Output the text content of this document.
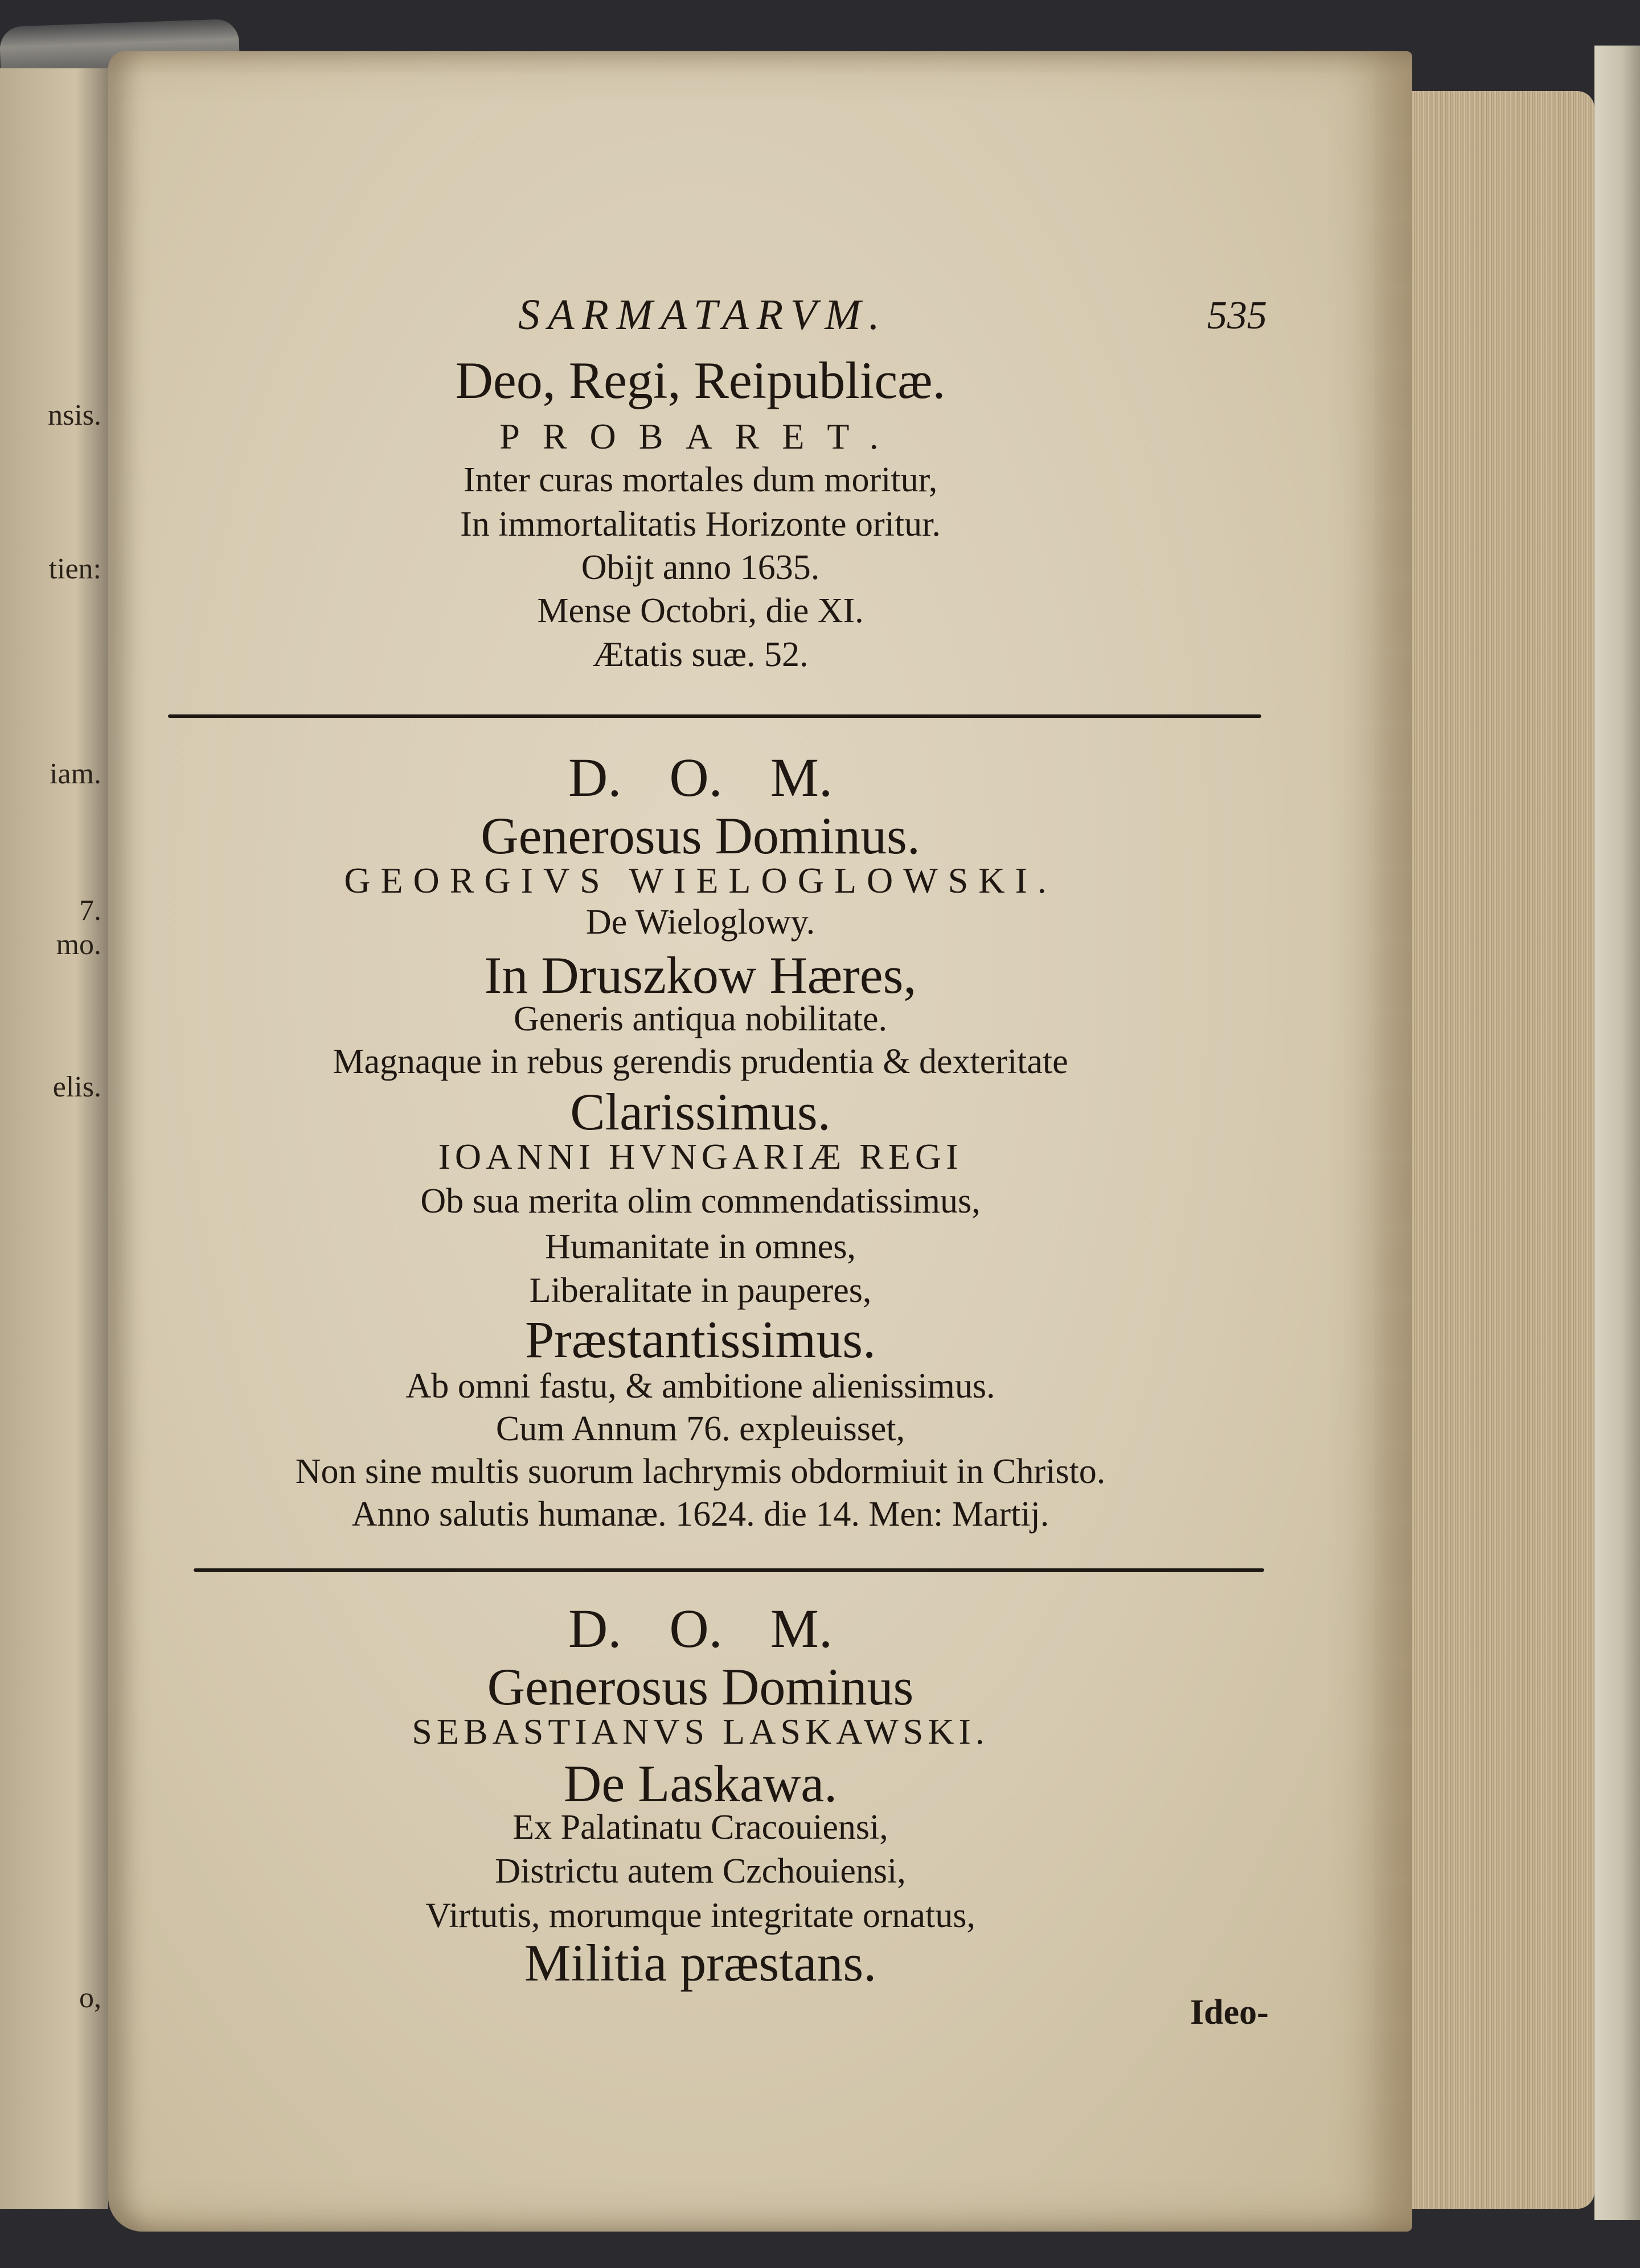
nsis.
tien:
iam.
7.
mo.
elis.
o,
SARMATARVM.	535
Deo, Regi, Reipublicæ.
PROBARET.
Inter curas mortales dum moritur,
In immortalitatis Horizonte oritur.
Obijt anno 1635.
Mense Octobri, die XI.
Ætatis suæ. 52.
D. O. M.
Generosus Dominus.
GEORGIVS WIELOGLOWSKI.
De Wieloglowy.
In Druszkow Hæres,
Generis antiqua nobilitate.
Magnaque in rebus gerendis prudentia & dexteritate
Clarissimus.
IOANNI HVNGARIÆ REGI
Ob sua merita olim commendatissimus,
Humanitate in omnes,
Liberalitate in pauperes,
Præstantissimus.
Ab omni fastu, & ambitione alienissimus.
Cum Annum 76. expleuisset,
Non sine multis suorum lachrymis obdormiuit in Christo.
Anno salutis humanæ. 1624. die 14. Men: Martij.
D. O. M.
Generosus Dominus
SEBASTIANVS LASKAWSKI.
De Laskawa.
Ex Palatinatu Cracouiensi,
Districtu autem Czchouiensi,
Virtutis, morumque integritate ornatus,
Militia præstans.
Ideo-
